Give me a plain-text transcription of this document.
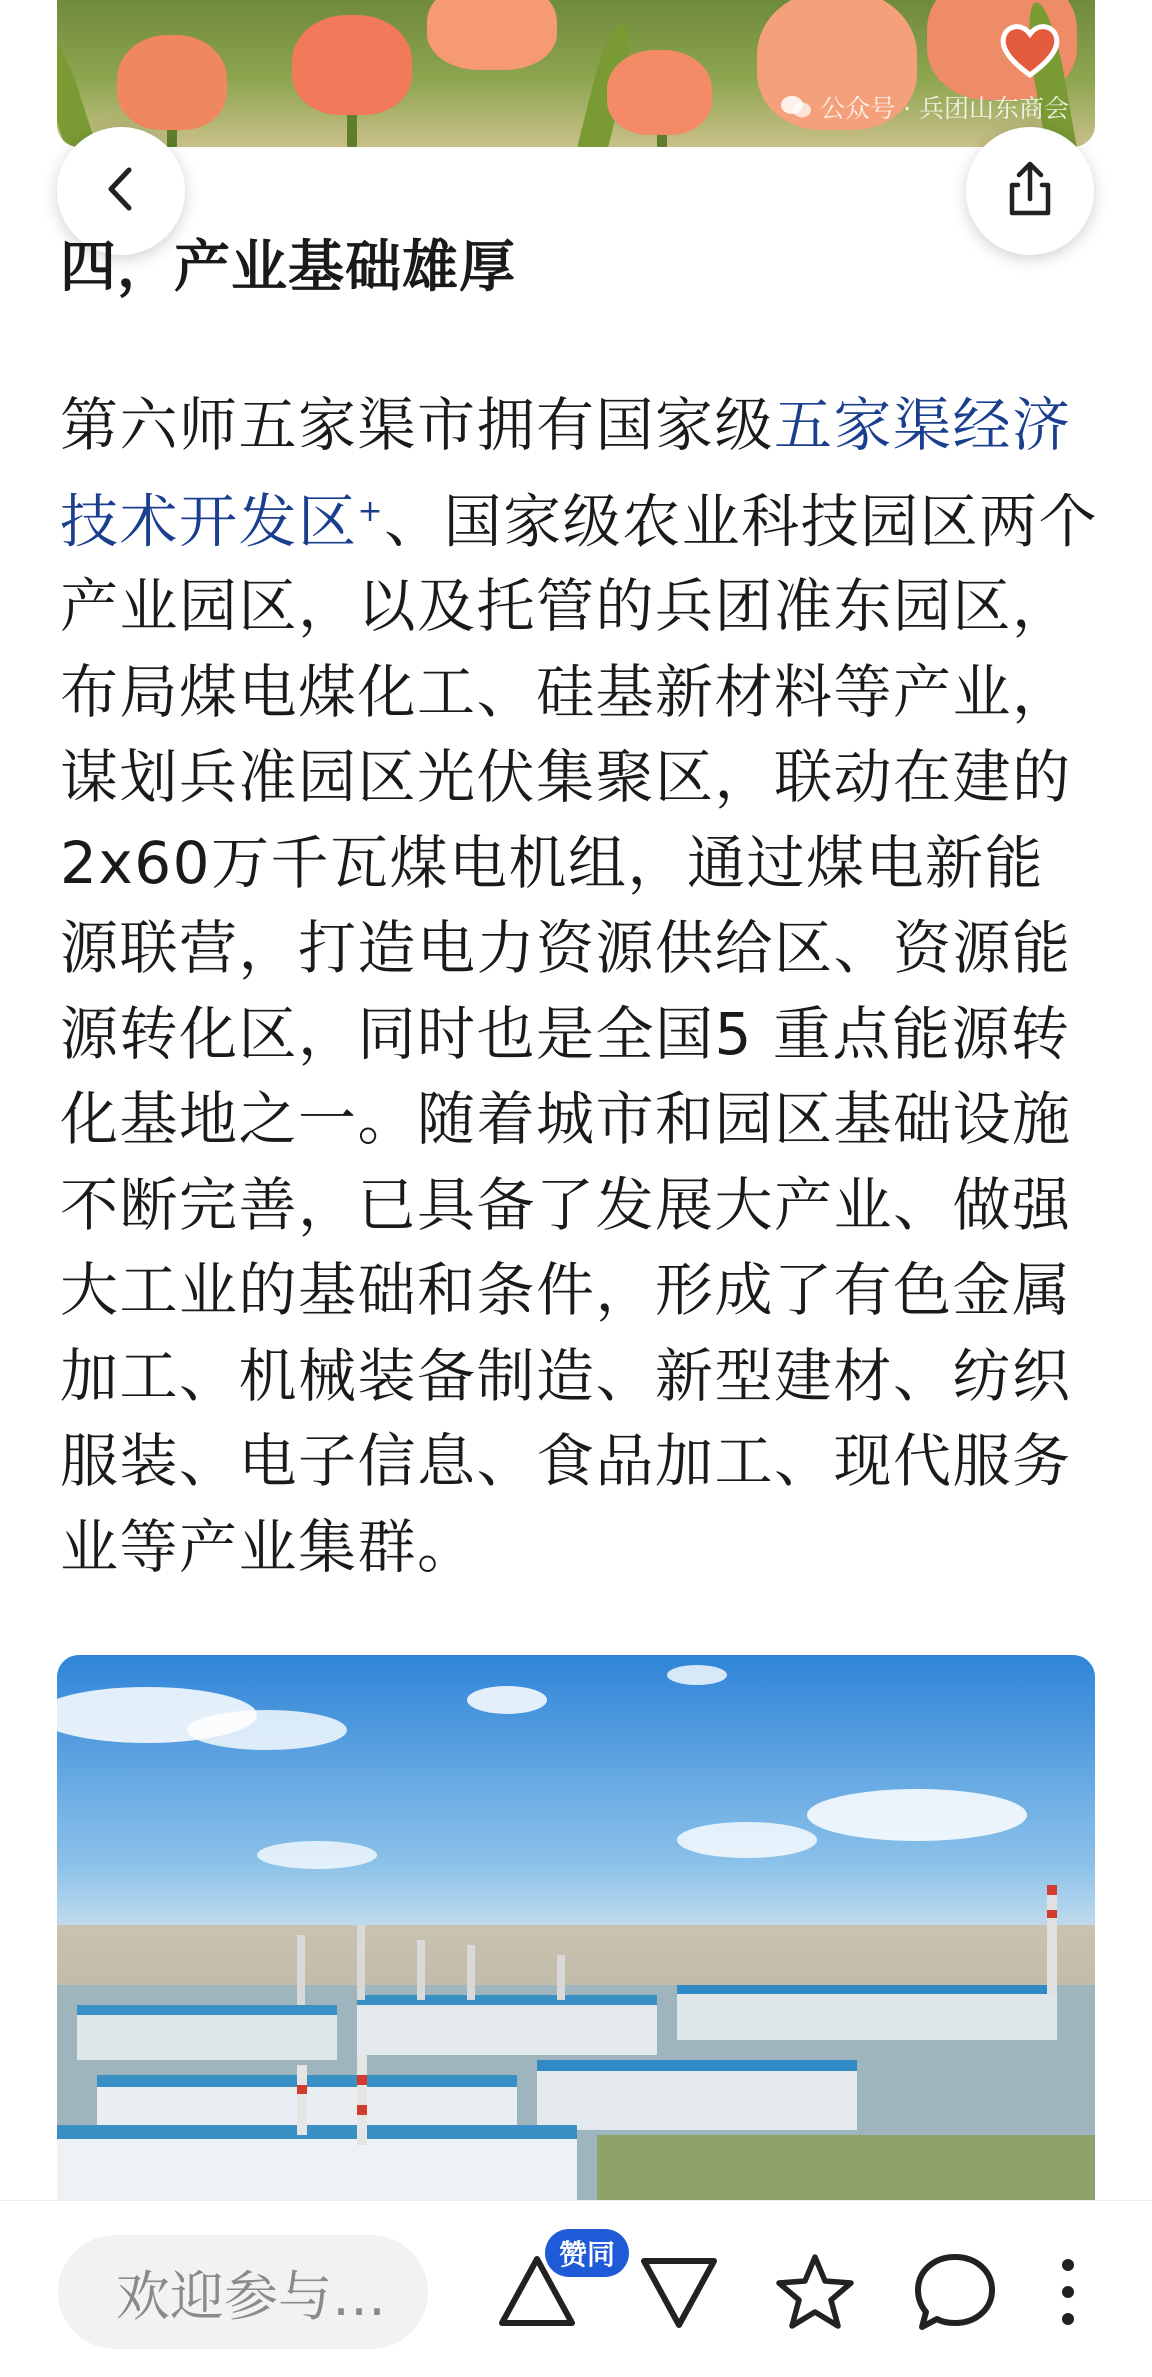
公众号 · 兵团山东商会
四，产业基础雄厚

第六师五家渠市拥有国家级五家渠经济技术开发区+、国家级农业科技园区两个产业园区，以及托管的兵团准东园区，布局煤电煤化工、硅基新材料等产业，谋划兵准园区光伏集聚区，联动在建的2x60万千瓦煤电机组，通过煤电新能源联营，打造电力资源供给区、资源能源转化区，同时也是全国5 重点能源转化基地之一。随着城市和园区基础设施不断完善，已具备了发展大产业、做强大工业的基础和条件，形成了有色金属加工、机械装备制造、新型建材、纺织服装、电子信息、食品加工、现代服务业等产业集群。

欢迎参与…
赞同
